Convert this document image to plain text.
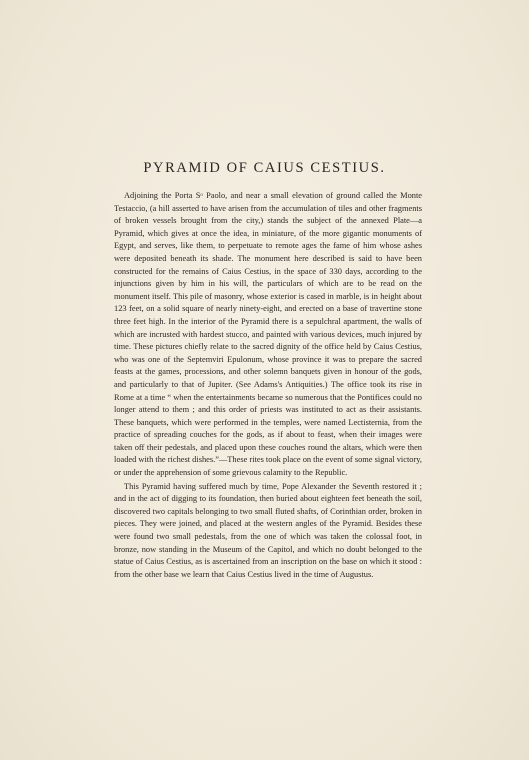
PYRAMID OF CAIUS CESTIUS.

Adjoining the Porta Sᵒ Paolo, and near a small elevation of ground called the Monte Testaccio, (a hill asserted to have arisen from the accumulation of tiles and other fragments of broken vessels brought from the city,) stands the subject of the annexed Plate—a Pyramid, which gives at once the idea, in miniature, of the more gigantic monuments of Egypt, and serves, like them, to perpetuate to remote ages the fame of him whose ashes were deposited beneath its shade. The monument here described is said to have been constructed for the remains of Caius Cestius, in the space of 330 days, according to the injunctions given by him in his will, the particulars of which are to be read on the monument itself. This pile of masonry, whose exterior is cased in marble, is in height about 123 feet, on a solid square of nearly ninety-eight, and erected on a base of travertine stone three feet high. In the interior of the Pyramid there is a sepulchral apartment, the walls of which are incrusted with hardest stucco, and painted with various devices, much injured by time. These pictures chiefly relate to the sacred dignity of the office held by Caius Cestius, who was one of the Septemviri Epulonum, whose province it was to prepare the sacred feasts at the games, processions, and other solemn banquets given in honour of the gods, and particularly to that of Jupiter. (See Adams's Antiquities.) The office took its rise in Rome at a time “ when the entertainments became so numerous that the Pontifices could no longer attend to them ; and this order of priests was instituted to act as their assistants. These banquets, which were performed in the temples, were named Lectisternia, from the practice of spreading couches for the gods, as if about to feast, when their images were taken off their pedestals, and placed upon these couches round the altars, which were then loaded with the richest dishes.”—These rites took place on the event of some signal victory, or under the apprehension of some grievous calamity to the Republic.

This Pyramid having suffered much by time, Pope Alexander the Seventh restored it ; and in the act of digging to its foundation, then buried about eighteen feet beneath the soil, discovered two capitals belonging to two small fluted shafts, of Corinthian order, broken in pieces. They were joined, and placed at the western angles of the Pyramid. Besides these were found two small pedestals, from the one of which was taken the colossal foot, in bronze, now standing in the Museum of the Capitol, and which no doubt belonged to the statue of Caius Cestius, as is ascertained from an inscription on the base on which it stood : from the other base we learn that Caius Cestius lived in the time of Augustus.
